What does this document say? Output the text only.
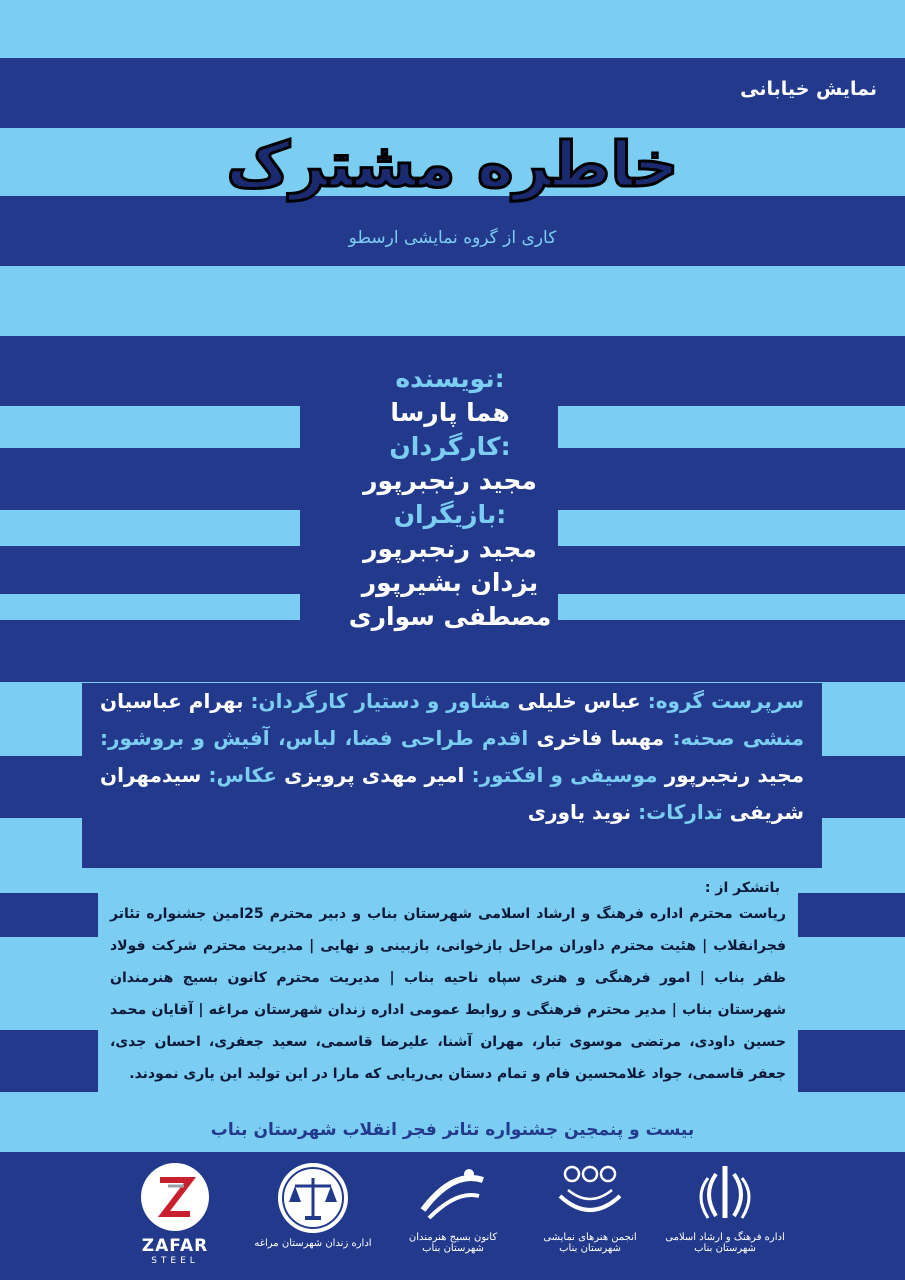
نمایش خیابانی
خاطره مشترک
کاری از گروه نمایشی ارسطو
نویسنده:
هما پارسا
کارگردان:
مجید رنجبرپور
بازیگران:
مجید رنجبرپور
یزدان بشیرپور
مصطفی سواری
سرپرست گروه: عباس خلیلی مشاور و دستیار کارگردان: بهرام عباسیان منشی صحنه: مهسا فاخری اقدم طراحی فضا، لباس، آفیش و بروشور: مجید رنجبرپور موسیقی و افکتور: امیر مهدی پرویزی عکاس: سیدمهران شریفی تدارکات: نوید یاوری
باتشکر از :
ریاست محترم اداره فرهنگ و ارشاد اسلامی شهرستان بناب و دبیر محترم 25امین جشنواره تئاتر فجرانقلاب | هئیت محترم داوران مراحل بازخوانی، بازبینی و نهایی | مدیریت محترم شرکت فولاد ظفر بناب | امور فرهنگی و هنری سپاه ناحیه بناب | مدیریت محترم کانون بسیج هنرمندان شهرستان بناب | مدیر محترم فرهنگی و روابط عمومی اداره زندان شهرستان مراغه | آقایان محمد حسین داودی، مرتضی موسوی تبار، مهران آشنا، علیرضا قاسمی، سعید جعفری، احسان جدی، جعفر قاسمی، جواد غلامحسین فام و تمام دستان بی‌ریایی که مارا در این تولید این یاری نمودند.
بیست و پنمجین جشنواره تئاتر فجر انقلاب شهرستان بناب
ZAFAR
STEEL
اداره زندان شهرستان مراغه
کانون بسیج هنرمندان شهرستان بناب
انجمن هنرهای نمایشی شهرستان بناب
اداره فرهنگ و ارشاد اسلامی شهرستان بناب
